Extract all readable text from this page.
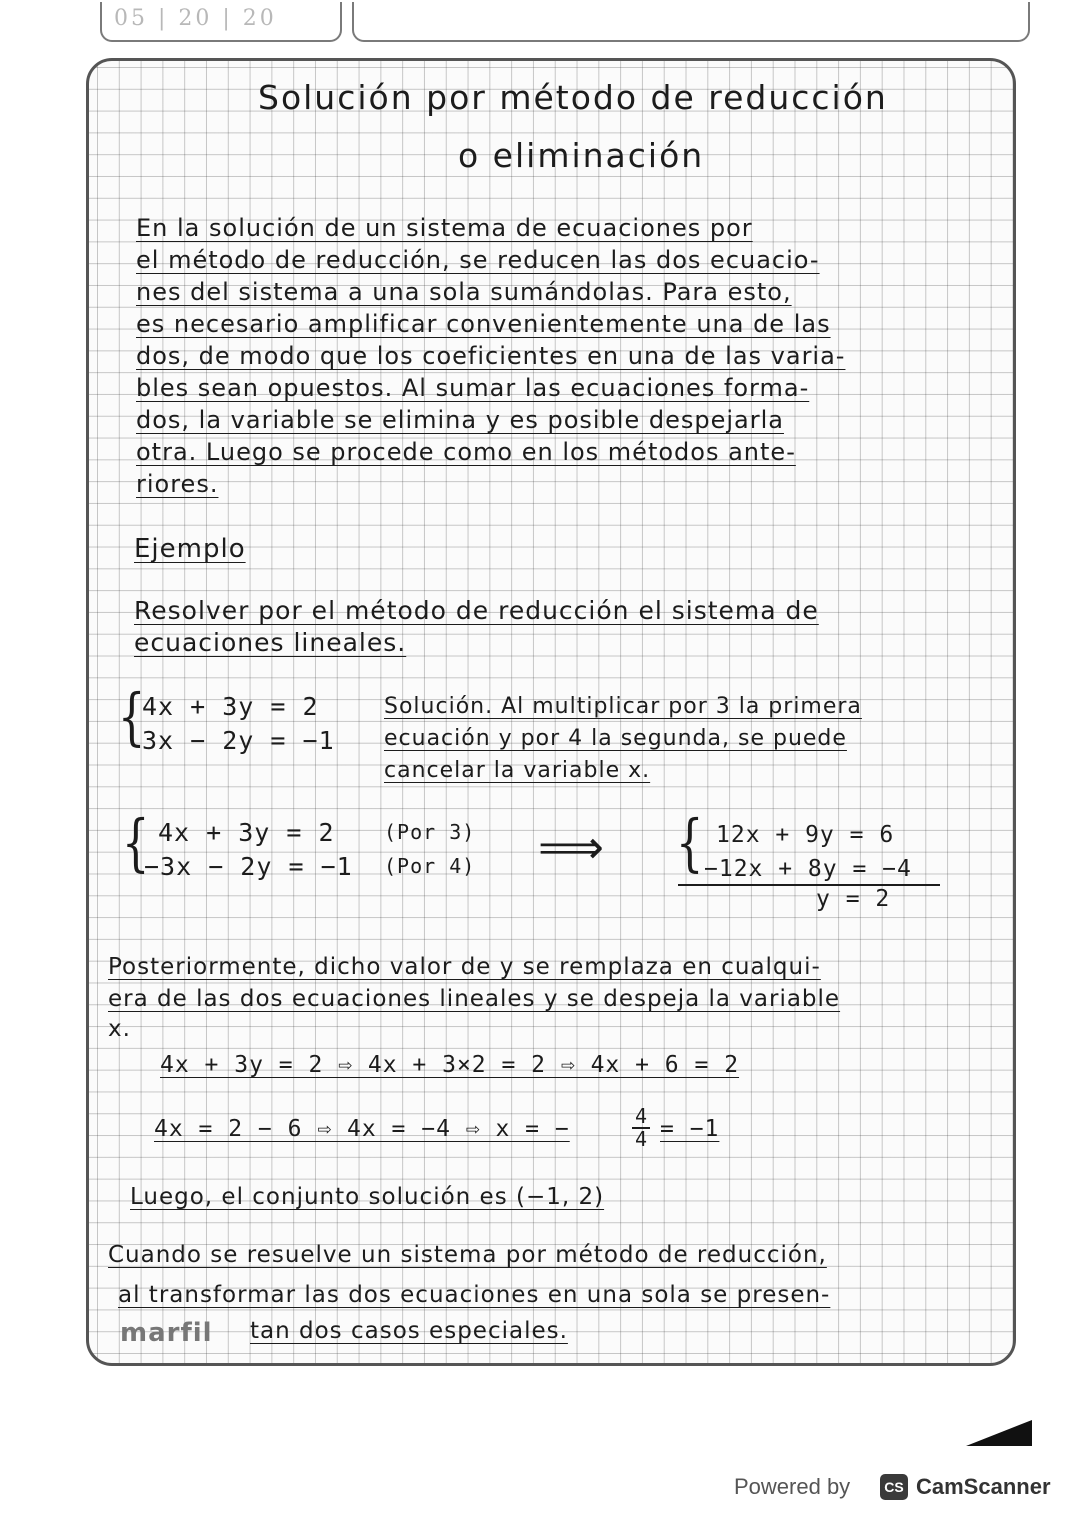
05 | 20 | 20
Solución por método de reducción
o eliminación
En la solución de un sistema de ecuaciones por
el método de reducción, se reducen las dos ecuacio-
nes del sistema a una sola sumándolas. Para esto,
es necesario amplificar convenientemente una de las
dos, de modo que los coeficientes en una de las varia-
bles sean opuestos. Al sumar las ecuaciones forma-
dos, la variable se elimina y es posible despejarla
otra. Luego se procede como en los métodos ante-
riores.
Ejemplo
Resolver por el método de reducción el sistema de
ecuaciones lineales.
{
4x + 3y = 2
3x − 2y = −1
Solución. Al multiplicar por 3 la primera
ecuación y por 4 la segunda, se puede
cancelar la variable x.
{ 4x + 3y = 2
−3x − 2y = −1
(Por 3)
(Por 4) ⟹ { 12x + 9y = 6
−12x + 8y = −4
y = 2
Posteriormente, dicho valor de y se remplaza en cualqui-
era de las dos ecuaciones lineales y se despeja la variable
x.
4x + 3y = 2 ⇨ 4x + 3×2 = 2 ⇨ 4x + 6 = 2
4x = 2 − 6 ⇨ 4x = −4 ⇨ x = −	$\frac{4}{4} = -1$
Luego, el conjunto solución es (−1, 2)
Cuando se resuelve un sistema por método de reducción,
al transformar las dos ecuaciones en una sola se presen-
tan dos casos especiales.
marfil
Powered by	CS CamScanner
